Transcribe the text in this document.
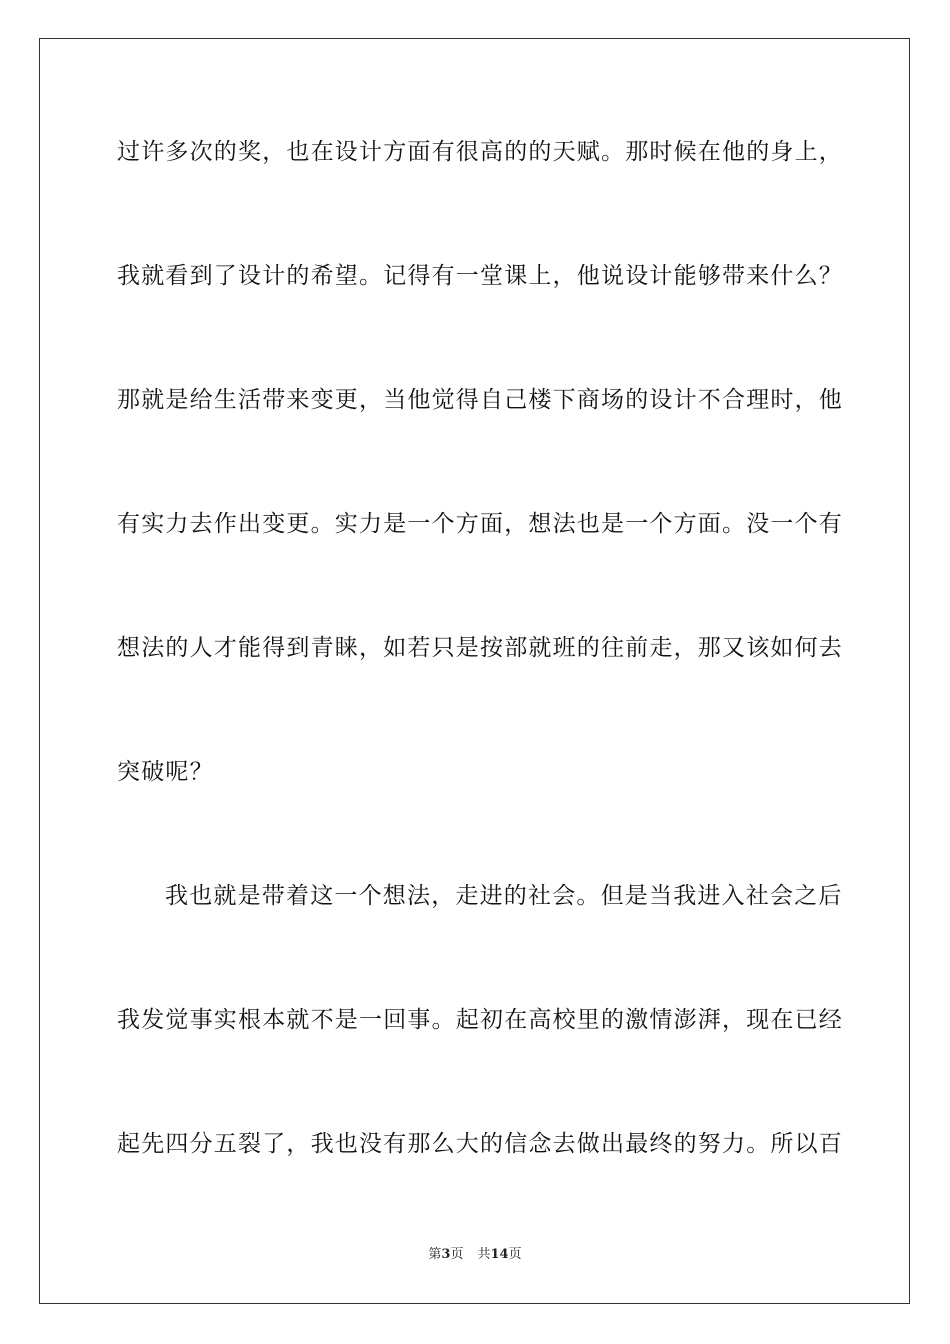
过许多次的奖，也在设计方面有很高的的天赋。那时候在他的身上，
我就看到了设计的希望。记得有一堂课上，他说设计能够带来什么？
那就是给生活带来变更，当他觉得自己楼下商场的设计不合理时，他
有实力去作出变更。实力是一个方面，想法也是一个方面。没一个有
想法的人才能得到青睐，如若只是按部就班的往前走，那又该如何去
突破呢？
我也就是带着这一个想法，走进的社会。但是当我进入社会之后
我发觉事实根本就不是一回事。起初在高校里的激情澎湃，现在已经
起先四分五裂了，我也没有那么大的信念去做出最终的努力。所以百
第3页 共14页
